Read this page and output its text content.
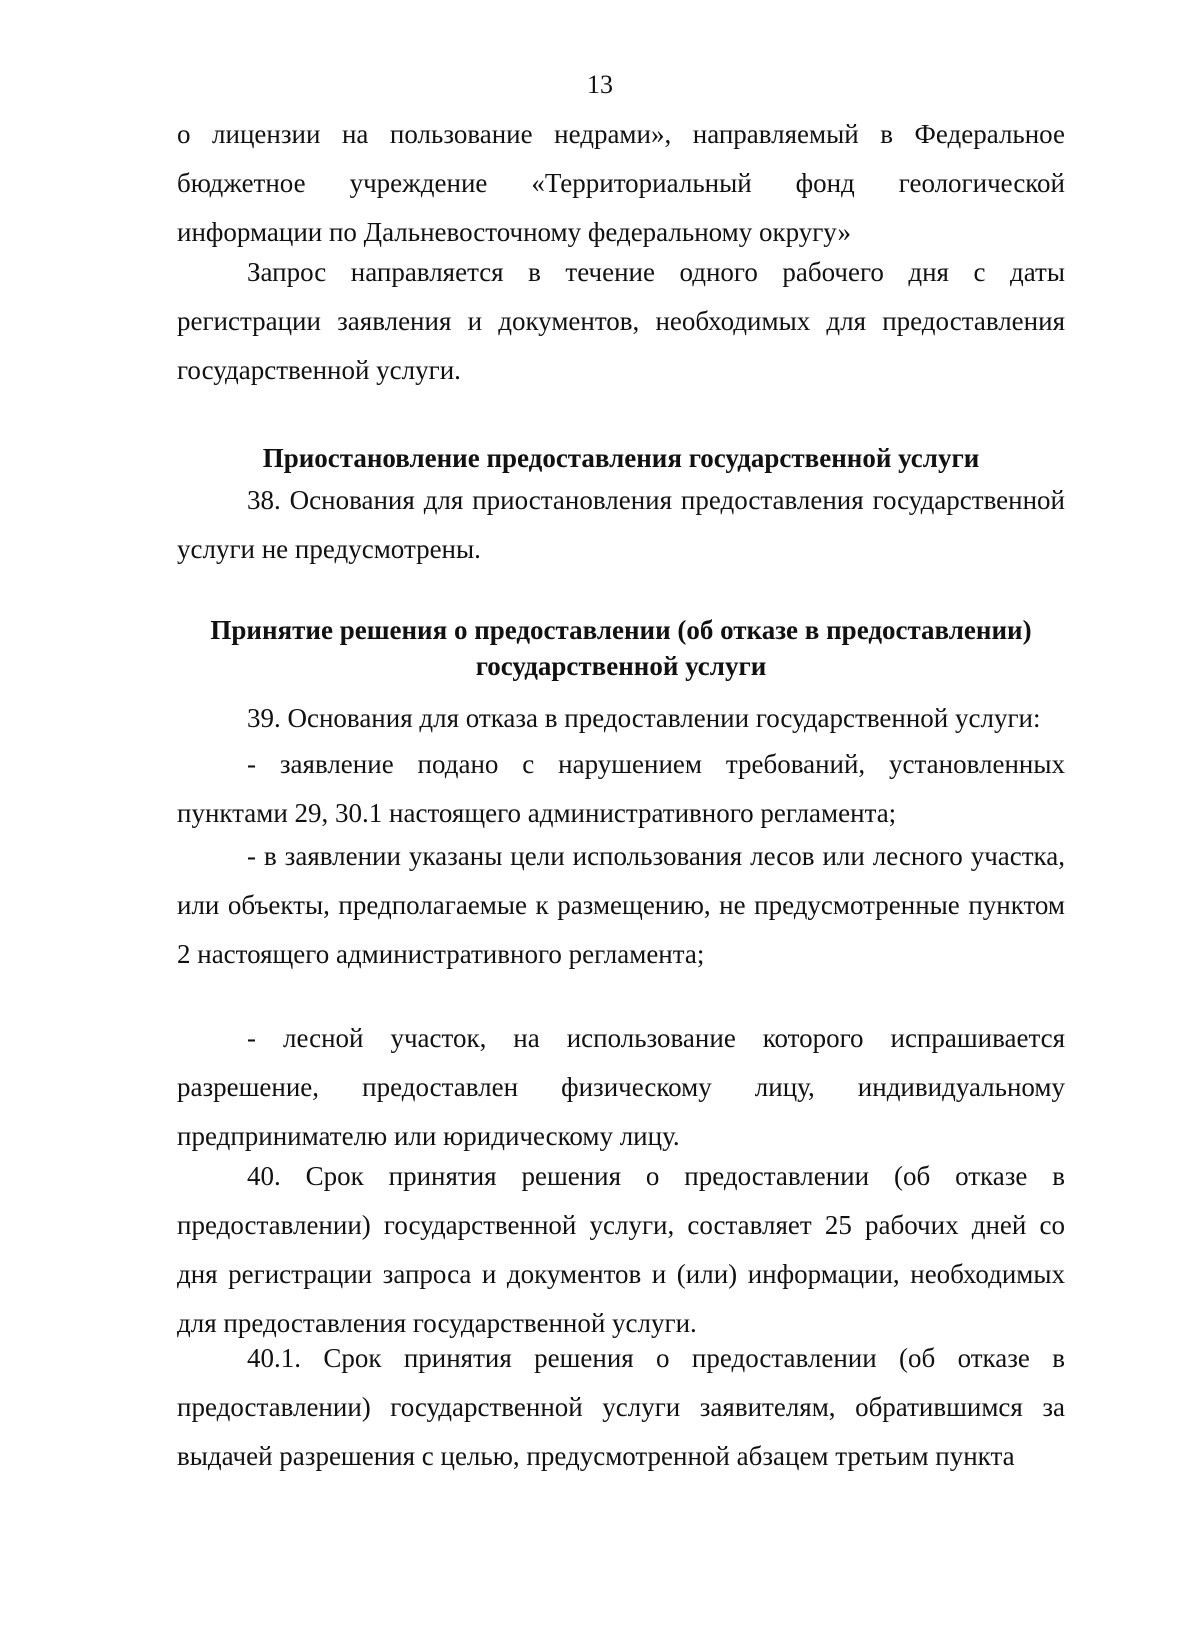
13

о лицензии на пользование недрами», направляемый в Федеральное бюджетное учреждение «Территориальный фонд геологической информации по Дальневосточному федеральному округу»

Запрос направляется в течение одного рабочего дня с даты регистрации заявления и документов, необходимых для предоставления государственной услуги.

Приостановление предоставления государственной услуги

38. Основания для приостановления предоставления государственной услуги не предусмотрены.

Принятие решения о предоставлении (об отказе в предоставлении)
государственной услуги

39. Основания для отказа в предоставлении государственной услуги:

- заявление подано с нарушением требований, установленных пунктами 29, 30.1 настоящего административного регламента;

- в заявлении указаны цели использования лесов или лесного участка, или объекты, предполагаемые к размещению, не предусмотренные пунктом 2 настоящего административного регламента;

- лесной участок, на использование которого испрашивается разрешение, предоставлен физическому лицу, индивидуальному предпринимателю или юридическому лицу.

40. Срок принятия решения о предоставлении (об отказе в предоставлении) государственной услуги, составляет 25 рабочих дней со дня регистрации запроса и документов и (или) информации, необходимых для предоставления государственной услуги.

40.1. Срок принятия решения о предоставлении (об отказе в предоставлении) государственной услуги заявителям, обратившимся за выдачей разрешения с целью, предусмотренной абзацем третьим пункта
